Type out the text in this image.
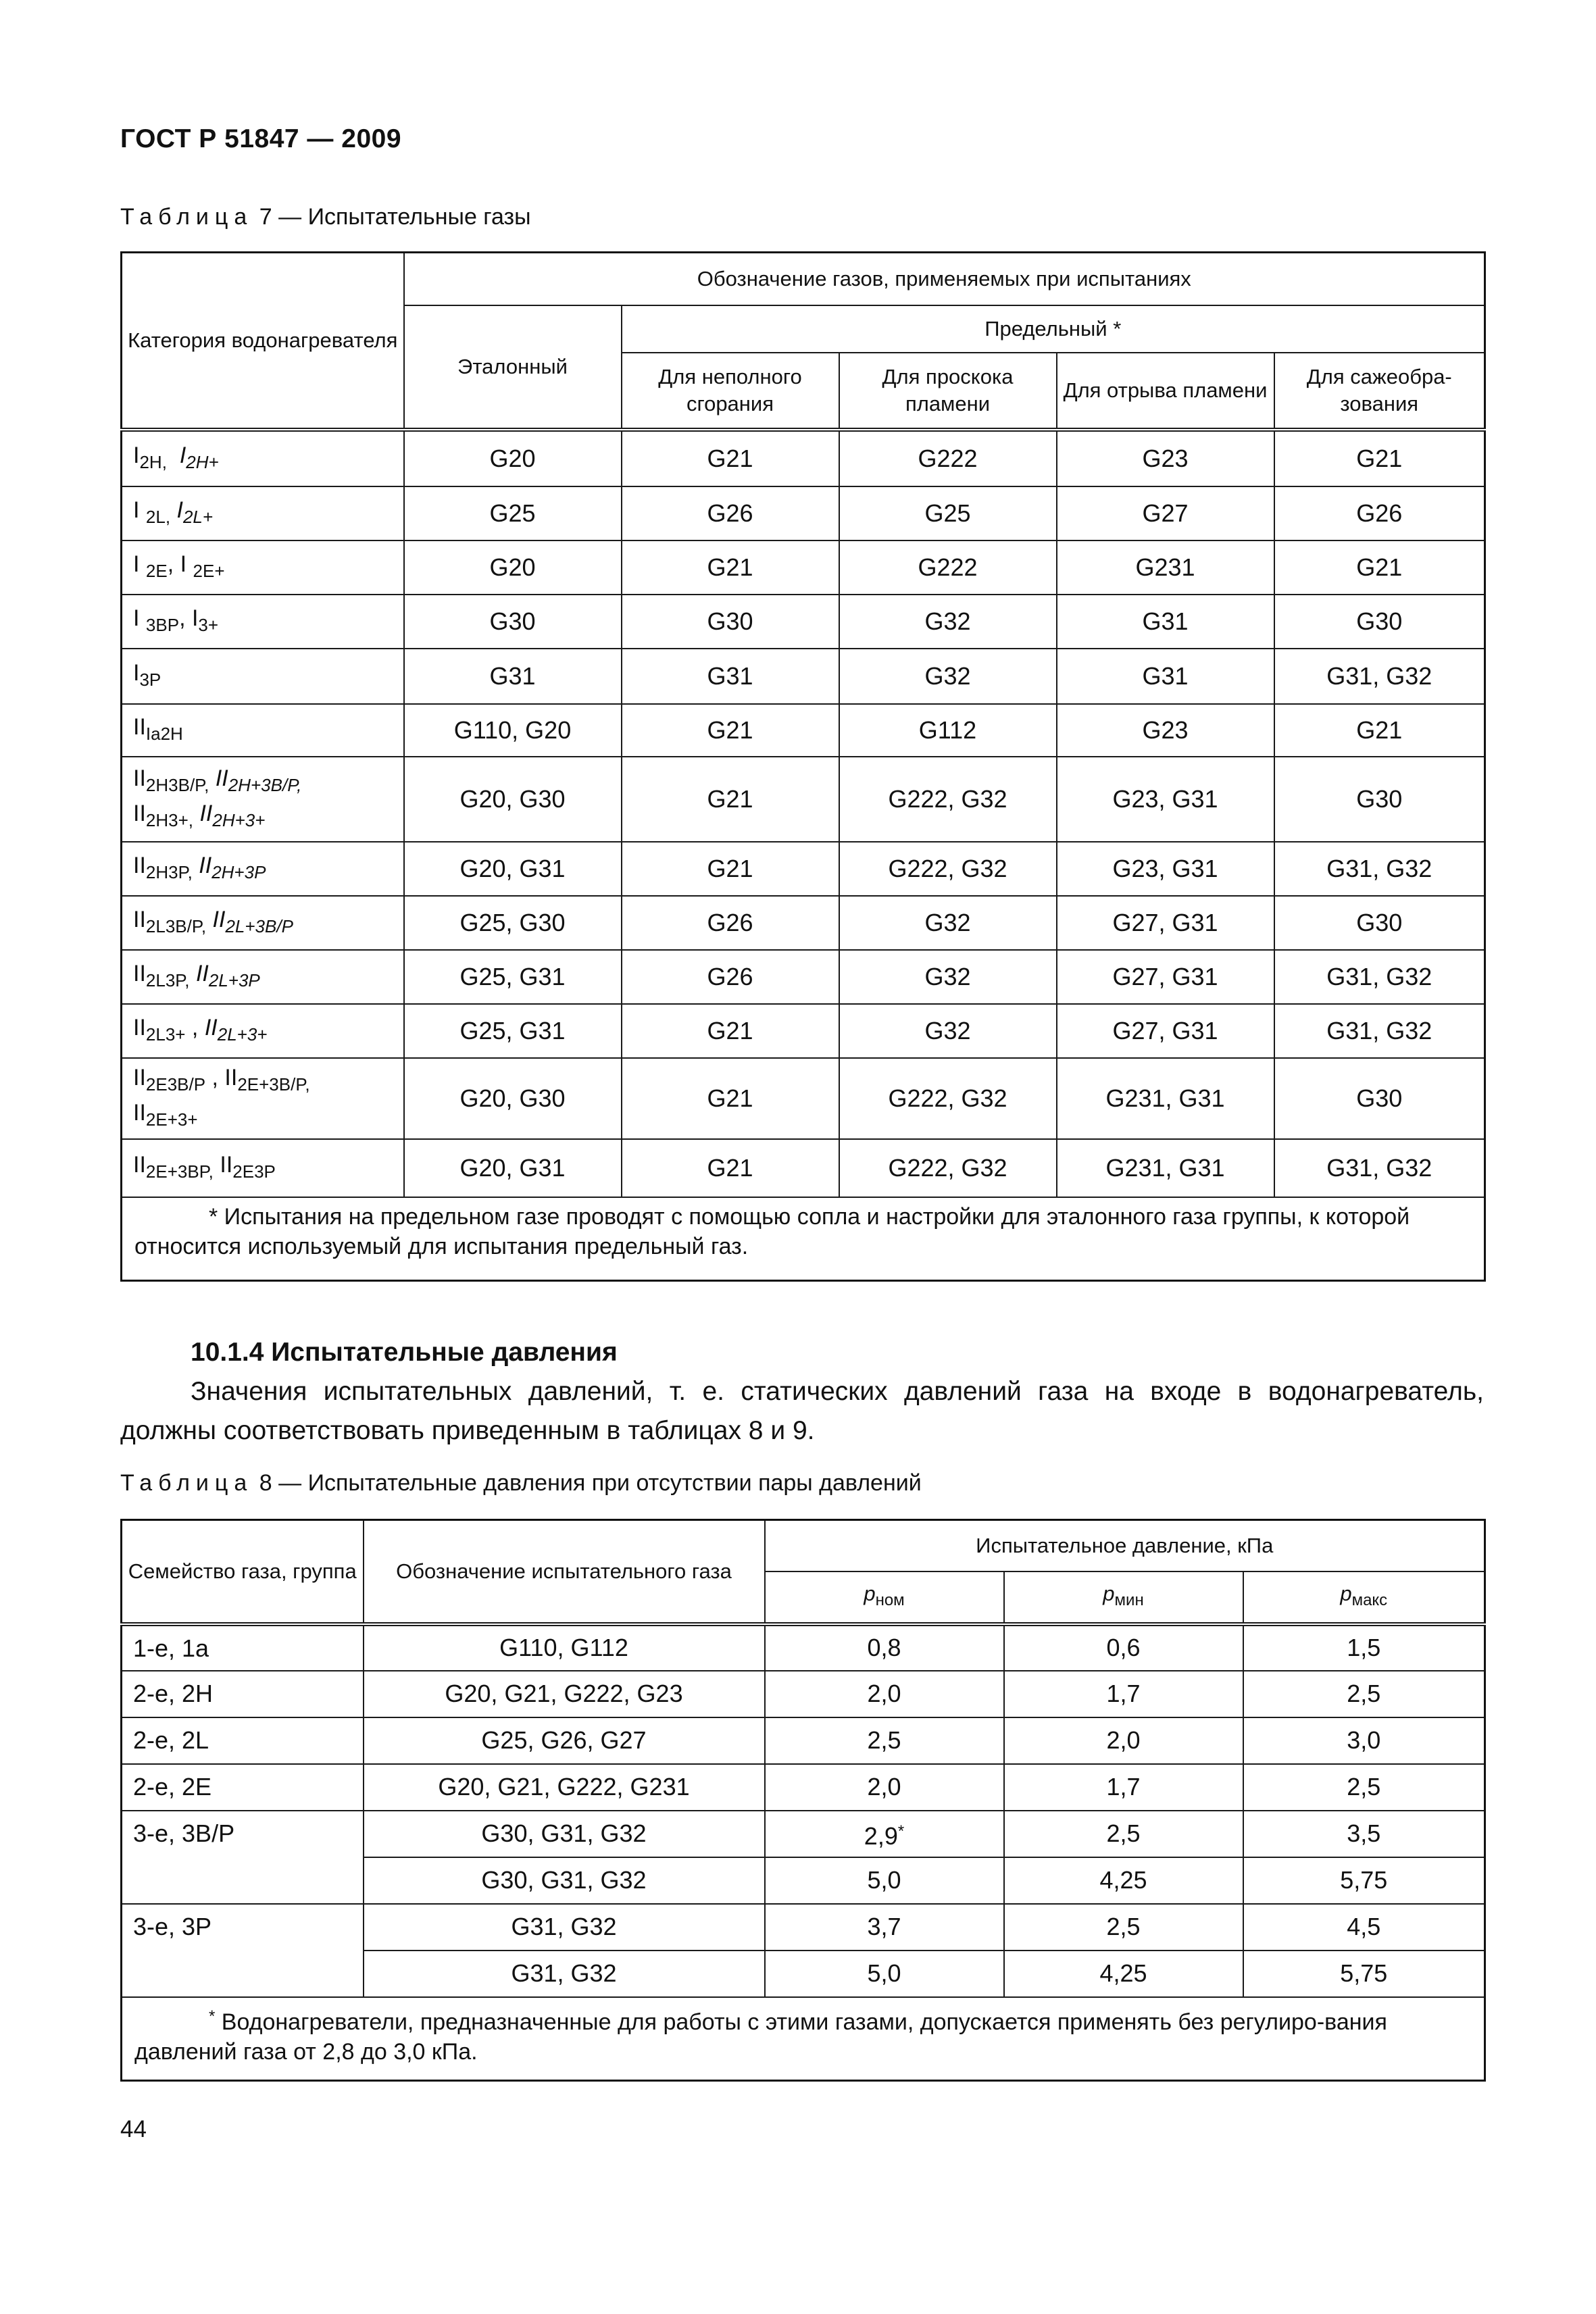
ГОСТ Р 51847 — 2009
Таблица 7 — Испытательные газы
Категория водонагревателя	Обозначение газов, применяемых при испытаниях				
	Эталонный	Предельный *			
		Для неполного сгорания	Для проскока пламени	Для отрыва пламени	Для сажеобра-зования
$I_{2H,}$ $I_{2H+}$	G20	G21	G222	G23	G21
I $_{2L,}$ $I_{2L+}$	G25	G26	G25	G27	G26
I $_{2E}$, I $_{2E+}$	G20	G21	G222	G231	G21
I $_{3BP}$, $I_{3+}$	G30	G30	G32	G31	G30
$I_{3P}$	G31	G31	G32	G31	G31, G32
$II_{Ia2H}$	G110, G20	G21	G112	G23	G21
$II_{2H3B/P,}$ $II_{2H+3B/P,}$
$II_{2H3+,}$ $II_{2H+3+}$	G20, G30	G21	G222, G32	G23, G31	G30
$II_{2H3P,}$ $II_{2H+3P}$	G20, G31	G21	G222, G32	G23, G31	G31, G32
$II_{2L3B/P,}$ $II_{2L+3B/P}$	G25, G30	G26	G32	G27, G31	G30
$II_{2L3P,}$ $II_{2L+3P}$	G25, G31	G26	G32	G27, G31	G31, G32
$II_{2L3+}$ , $II_{2L+3+}$	G25, G31	G21	G32	G27, G31	G31, G32
$II_{2E3B/P}$ , $II_{2E+3B/P,}$
$II_{2E+3+}$	G20, G30	G21	G222, G32	G231, G31	G30
$II_{2E+3BP,}$ $II_{2E3P}$	G20, G31	G21	G222, G32	G231, G31	G31, G32

* Испытания на предельном газе проводят с помощью сопла и настройки для эталонного газа группы, к которой относится используемый для испытания предельный газ.					
10.1.4 Испытательные давления

Значения испытательных давлений, т. е. статических давлений газа на входе в водонагреватель, должны соответствовать приведенным в таблицах 8 и 9.

Таблица 8 — Испытательные давления при отсутствии пары давлений
Семейство газа, группа	Обозначение испытательного газа	Испытательное давление, кПа		
		$p_{ном}$	$p_{мин}$	$p_{макс}$
1-е, 1а	G110, G112	0,8	0,6	1,5
2-е, 2Н	G20, G21, G222, G23	2,0	1,7	2,5
2-е, 2L	G25, G26, G27	2,5	2,0	3,0
2-е, 2Е	G20, G21, G222, G231	2,0	1,7	2,5
3-е, 3В/Р	G30, G31, G32	2,9*	2,5	3,5
	G30, G31, G32	5,0	4,25	5,75
3-е, 3Р	G31, G32	3,7	2,5	4,5
	G31, G32	5,0	4,25	5,75

* Водонагреватели, предназначенные для работы с этими газами, допускается применять без регулиро-вания давлений газа от 2,8 до 3,0 кПа.				
44
